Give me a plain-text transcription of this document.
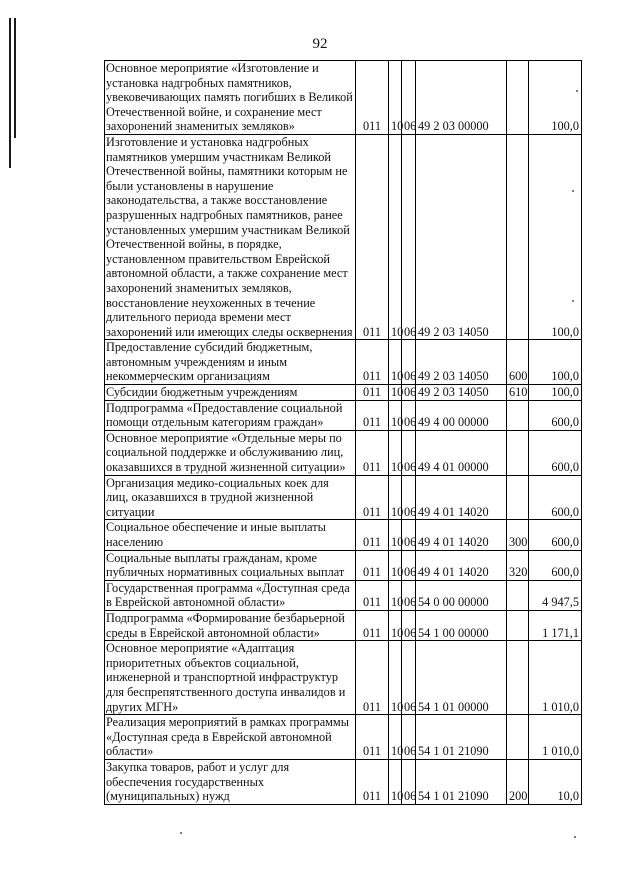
92
Основное мероприятие «Изготовление и установка надгробных памятников, увековечивающих память погибших в Великой Отечественной войне, и сохранение мест захоронений знаменитых земляков»	011	10	06	49 2 03 00000		100,0
Изготовление и установка надгробных памятников умершим участникам Великой Отечественной войны, памятники которым не были установлены в нарушение законодательства, а также восстановление разрушенных надгробных памятников, ранее установленных умершим участникам Великой Отечественной войны, в порядке, установленном правительством Еврейской автономной области, а также сохранение мест захоронений знаменитых земляков, восстановление неухоженных в течение длительного периода времени мест захоронений или имеющих следы осквернения	011	10	06	49 2 03 14050		100,0
Предоставление субсидий бюджетным, автономным учреждениям и иным некоммерческим организациям	011	10	06	49 2 03 14050	600	100,0
Субсидии бюджетным учреждениям	011	10	06	49 2 03 14050	610	100,0
Подпрограмма «Предоставление социальной помощи отдельным категориям граждан»	011	10	06	49 4 00 00000		600,0
Основное мероприятие «Отдельные меры по социальной поддержке и обслуживанию лиц, оказавшихся в трудной жизненной ситуации»	011	10	06	49 4 01 00000		600,0
Организация медико-социальных коек для лиц, оказавшихся в трудной жизненной ситуации	011	10	06	49 4 01 14020		600,0
Социальное обеспечение и иные выплаты населению	011	10	06	49 4 01 14020	300	600,0
Социальные выплаты гражданам, кроме публичных нормативных социальных выплат	011	10	06	49 4 01 14020	320	600,0
Государственная программа «Доступная среда в Еврейской автономной области»	011	10	06	54 0 00 00000		4 947,5
Подпрограмма «Формирование безбарьерной среды в Еврейской автономной области»	011	10	06	54 1 00 00000		1 171,1
Основное мероприятие «Адаптация приоритетных объектов социальной, инженерной и транспортной инфраструктур для беспрепятственного доступа инвалидов и других МГН»	011	10	06	54 1 01 00000		1 010,0
Реализация мероприятий в рамках программы «Доступная среда в Еврейской автономной области»	011	10	06	54 1 01 21090		1 010,0
Закупка товаров, работ и услуг для обеспечения государственных (муниципальных) нужд	011	10	06	54 1 01 21090	200	10,0
